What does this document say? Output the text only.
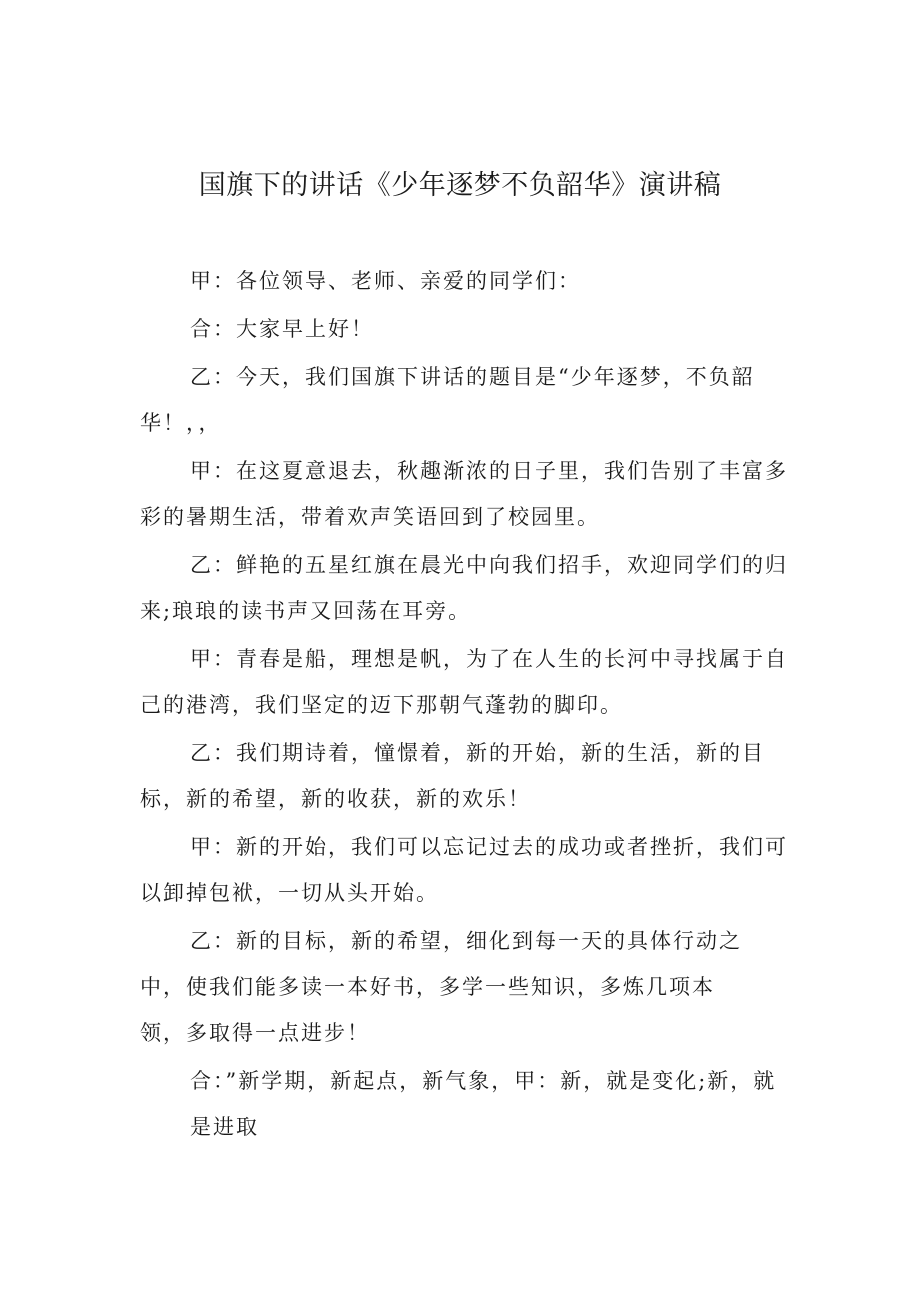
国旗下的讲话《少年逐梦不负韶华》演讲稿

甲：各位领导、老师、亲爱的同学们：

合：大家早上好！

乙：今天，我们国旗下讲话的题目是“少年逐梦，不负韶华！，，

甲：在这夏意退去，秋趣渐浓的日子里，我们告别了丰富多彩的暑期生活，带着欢声笑语回到了校园里。

乙：鲜艳的五星红旗在晨光中向我们招手，欢迎同学们的归来;琅琅的读书声又回荡在耳旁。

甲：青春是船，理想是帆，为了在人生的长河中寻找属于自己的港湾，我们坚定的迈下那朝气蓬勃的脚印。

乙：我们期诗着，憧憬着，新的开始，新的生活，新的目标，新的希望，新的收获，新的欢乐！

甲：新的开始，我们可以忘记过去的成功或者挫折，我们可以卸掉包袱，一切从头开始。

乙：新的目标，新的希望，细化到每一天的具体行动之中，使我们能多读一本好书，多学一些知识，多炼几项本领，多取得一点进步！

合：”新学期，新起点，新气象，甲：新，就是变化;新，就是进取
